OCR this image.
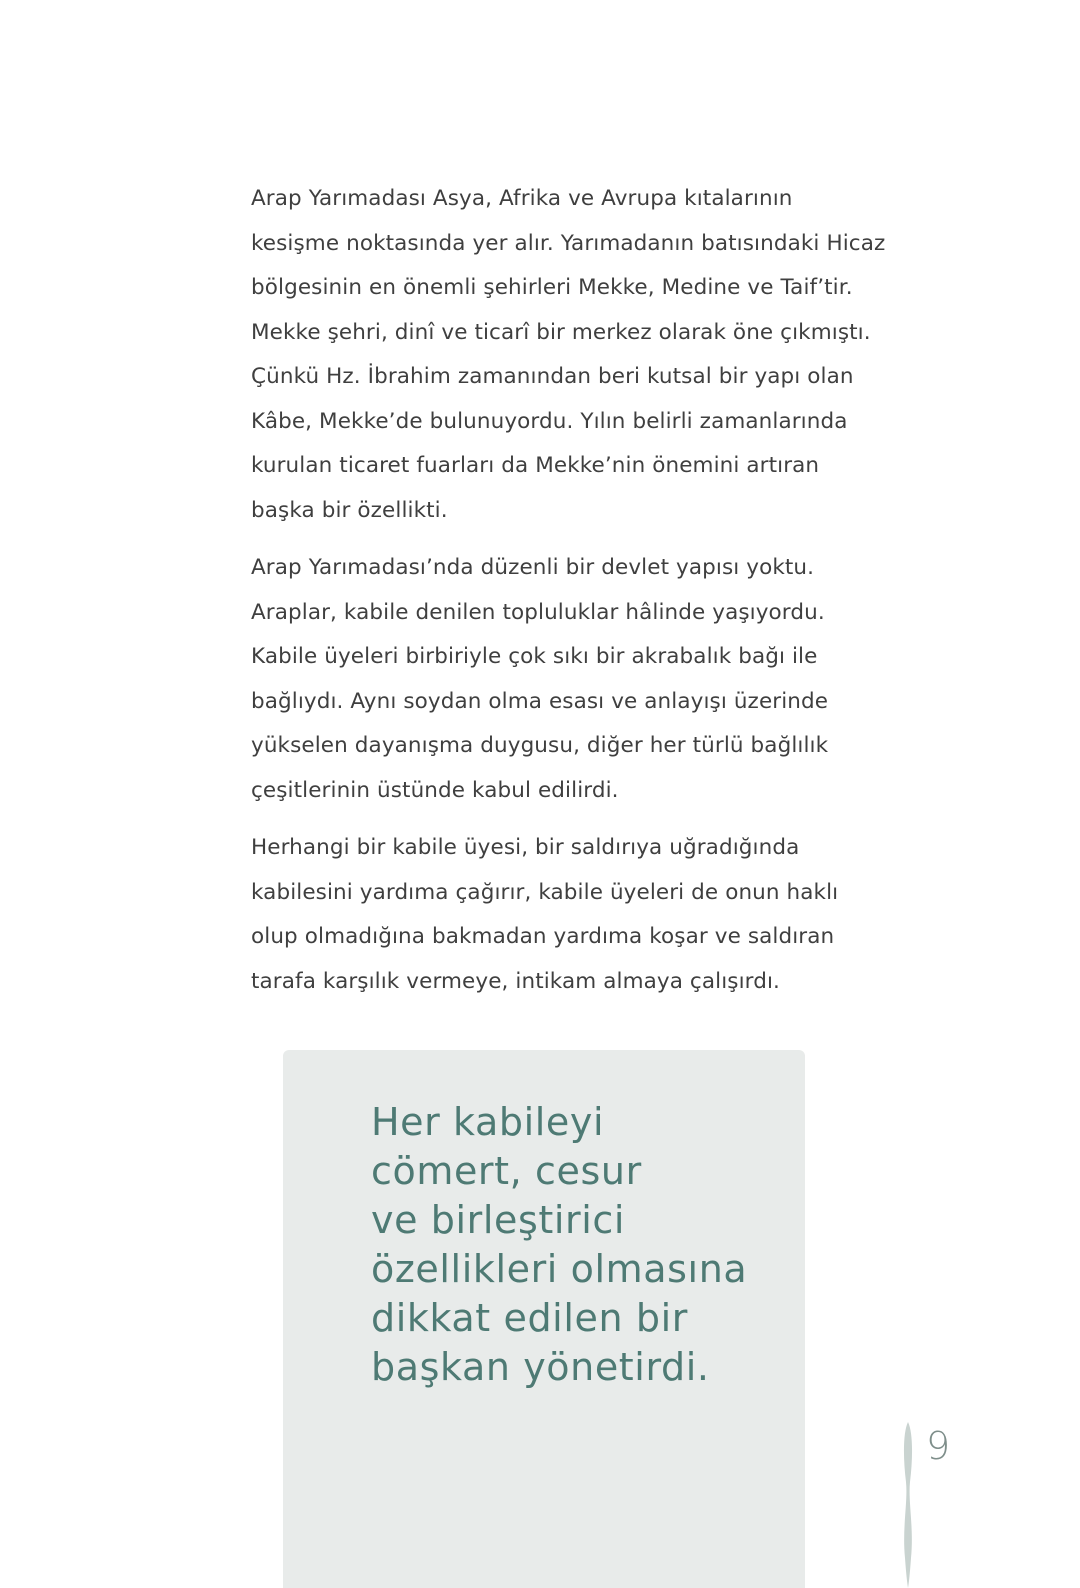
Arap Yarımadası Asya, Afrika ve Avrupa kıtalarının
kesişme noktasında yer alır. Yarımadanın batısındaki Hicaz
bölgesinin en önemli şehirleri Mekke, Medine ve Taif’tir.
Mekke şehri, dinî ve ticarî bir merkez olarak öne çıkmıştı.
Çünkü Hz. İbrahim zamanından beri kutsal bir yapı olan
Kâbe, Mekke’de bulunuyordu. Yılın belirli zamanlarında
kurulan ticaret fuarları da Mekke’nin önemini artıran
başka bir özellikti.

Arap Yarımadası’nda düzenli bir devlet yapısı yoktu.
Araplar, kabile denilen topluluklar hâlinde yaşıyordu.
Kabile üyeleri birbiriyle çok sıkı bir akrabalık bağı ile
bağlıydı. Aynı soydan olma esası ve anlayışı üzerinde
yükselen dayanışma duygusu, diğer her türlü bağlılık
çeşitlerinin üstünde kabul edilirdi.

Herhangi bir kabile üyesi, bir saldırıya uğradığında
kabilesini yardıma çağırır, kabile üyeleri de onun haklı
olup olmadığına bakmadan yardıma koşar ve saldıran
tarafa karşılık vermeye, intikam almaya çalışırdı.

Her kabileyi
cömert, cesur
ve birleştirici
özellikleri olmasına
dikkat edilen bir
başkan yönetirdi.
9
